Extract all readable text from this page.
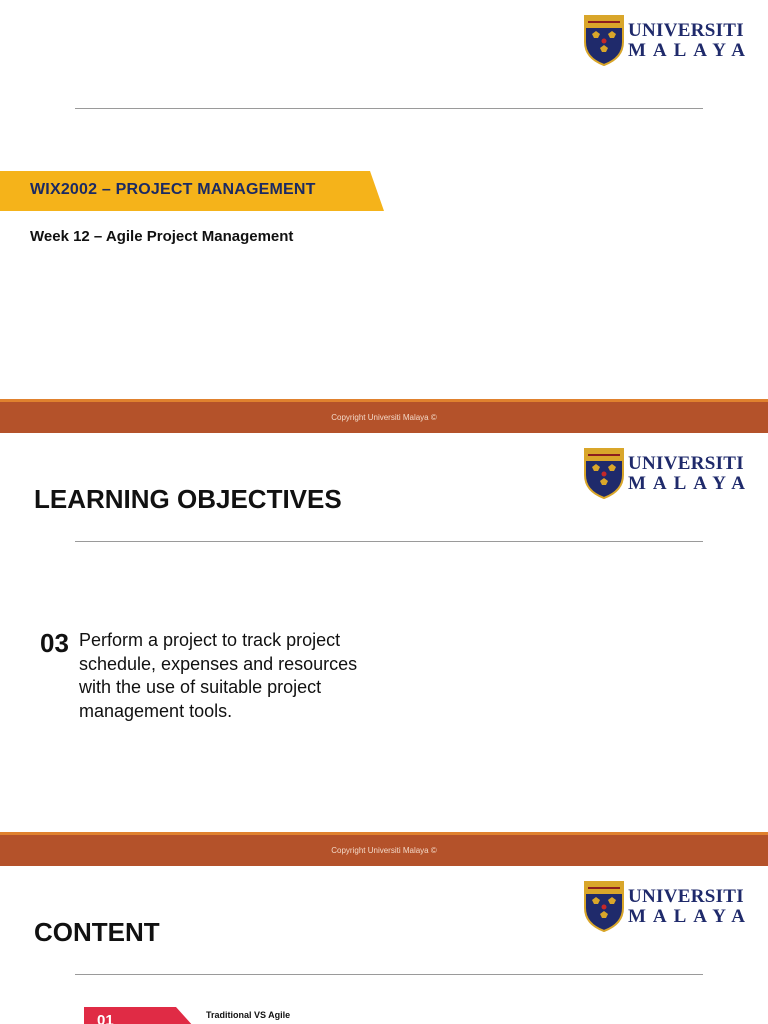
UNIVERSITI
MALAYA
WIX2002 – PROJECT MANAGEMENT
Week 12 – Agile Project Management
Copyright Universiti Malaya ©
UNIVERSITI
MALAYA
LEARNING OBJECTIVES
03 Perform a project to track project schedule, expenses and resources with the use of suitable project management tools.
Copyright Universiti Malaya ©
UNIVERSITI
MALAYA
CONTENT
01	Traditional VS Agile
